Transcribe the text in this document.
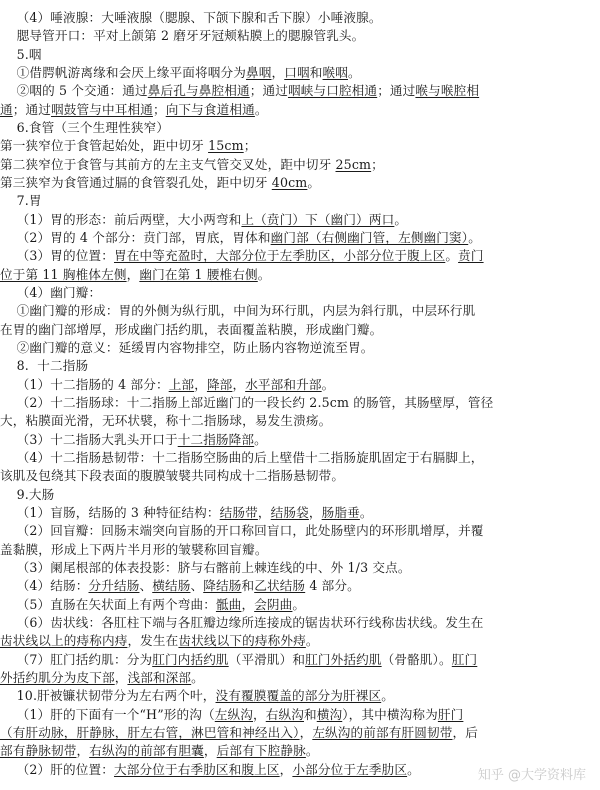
（4）唾液腺：大唾液腺（腮腺、下颌下腺和舌下腺）小唾液腺。
腮导管开口：平对上颌第 2 磨牙牙冠颊粘膜上的腮腺管乳头。
5.咽
①借腭帆游离缘和会厌上缘平面将咽分为鼻咽，口咽和喉咽。
②咽的 5 个交通：通过鼻后孔与鼻腔相通；通过咽峡与口腔相通；通过喉与喉腔相
通；通过咽鼓管与中耳相通；向下与食道相通。
6.食管（三个生理性狭窄）
第一狭窄位于食管起始处，距中切牙 15cm；
第二狭窄位于食管与其前方的左主支气管交叉处，距中切牙 25cm；
第三狭窄为食管通过膈的食管裂孔处，距中切牙 40cm。
7.胃
（1）胃的形态：前后两壁，大小两弯和上（贲门）下（幽门）两口。
（2）胃的 4 个部分：贲门部，胃底，胃体和幽门部（右侧幽门管，左侧幽门窦）。
（3）胃的位置：胃在中等充盈时，大部分位于左季肋区，小部分位于腹上区。贲门
位于第 11 胸椎体左侧，幽门在第 1 腰椎右侧。
（4）幽门瓣：
①幽门瓣的形成：胃的外侧为纵行肌，中间为环行肌，内层为斜行肌，中层环行肌
在胃的幽门部增厚，形成幽门括约肌，表面覆盖粘膜，形成幽门瓣。
②幽门瓣的意义：延缓胃内容物排空，防止肠内容物逆流至胃。
8.  十二指肠
（1）十二指肠的 4 部分：上部，降部，水平部和升部。
（2）十二指肠球：十二指肠上部近幽门的一段长约 2.5cm 的肠管，其肠壁厚，管径
大，粘膜面光滑，无环状襞，称十二指肠球，易发生溃疡。
（3）十二指肠大乳头开口于十二指肠降部。
（4）十二指肠悬韧带：十二指肠空肠曲的后上壁借十二指肠旋肌固定于右膈脚上，
该肌及包绕其下段表面的腹膜皱襞共同构成十二指肠悬韧带。
9.大肠
（1）盲肠，结肠的 3 种特征结构：结肠带，结肠袋，肠脂垂。
（2）回盲瓣：回肠末端突向盲肠的开口称回盲口，此处肠壁内的环形肌增厚，并覆
盖黏膜，形成上下两片半月形的皱襞称回盲瓣。
（3）阑尾根部的体表投影：脐与右髂前上棘连线的中、外 1/3 交点。
（4）结肠：分升结肠、横结肠、降结肠和乙状结肠 4 部分。
（5）直肠在矢状面上有两个弯曲：骶曲，会阴曲。
（6）齿状线：各肛柱下端与各肛瓣边缘所连接成的锯齿状环行线称齿状线。发生在
齿状线以上的痔称内痔，发生在齿状线以下的痔称外痔。
（7）肛门括约肌：分为肛门内括约肌（平滑肌）和肛门外括约肌（骨骼肌）。肛门
外括约肌分为皮下部，浅部和深部。
10.肝被镰状韧带分为左右两个叶，没有覆膜覆盖的部分为肝裸区。
（1）肝的下面有一个“H”形的沟（左纵沟，右纵沟和横沟），其中横沟称为肝门
（有肝动脉，肝静脉，肝左右管，淋巴管和神经出入），左纵沟的前部有肝圆韧带，后
部有静脉韧带，右纵沟的前部有胆囊，后部有下腔静脉。
（2）肝的位置：大部分位于右季肋区和腹上区，小部分位于左季肋区。	知乎 @大学资料库
